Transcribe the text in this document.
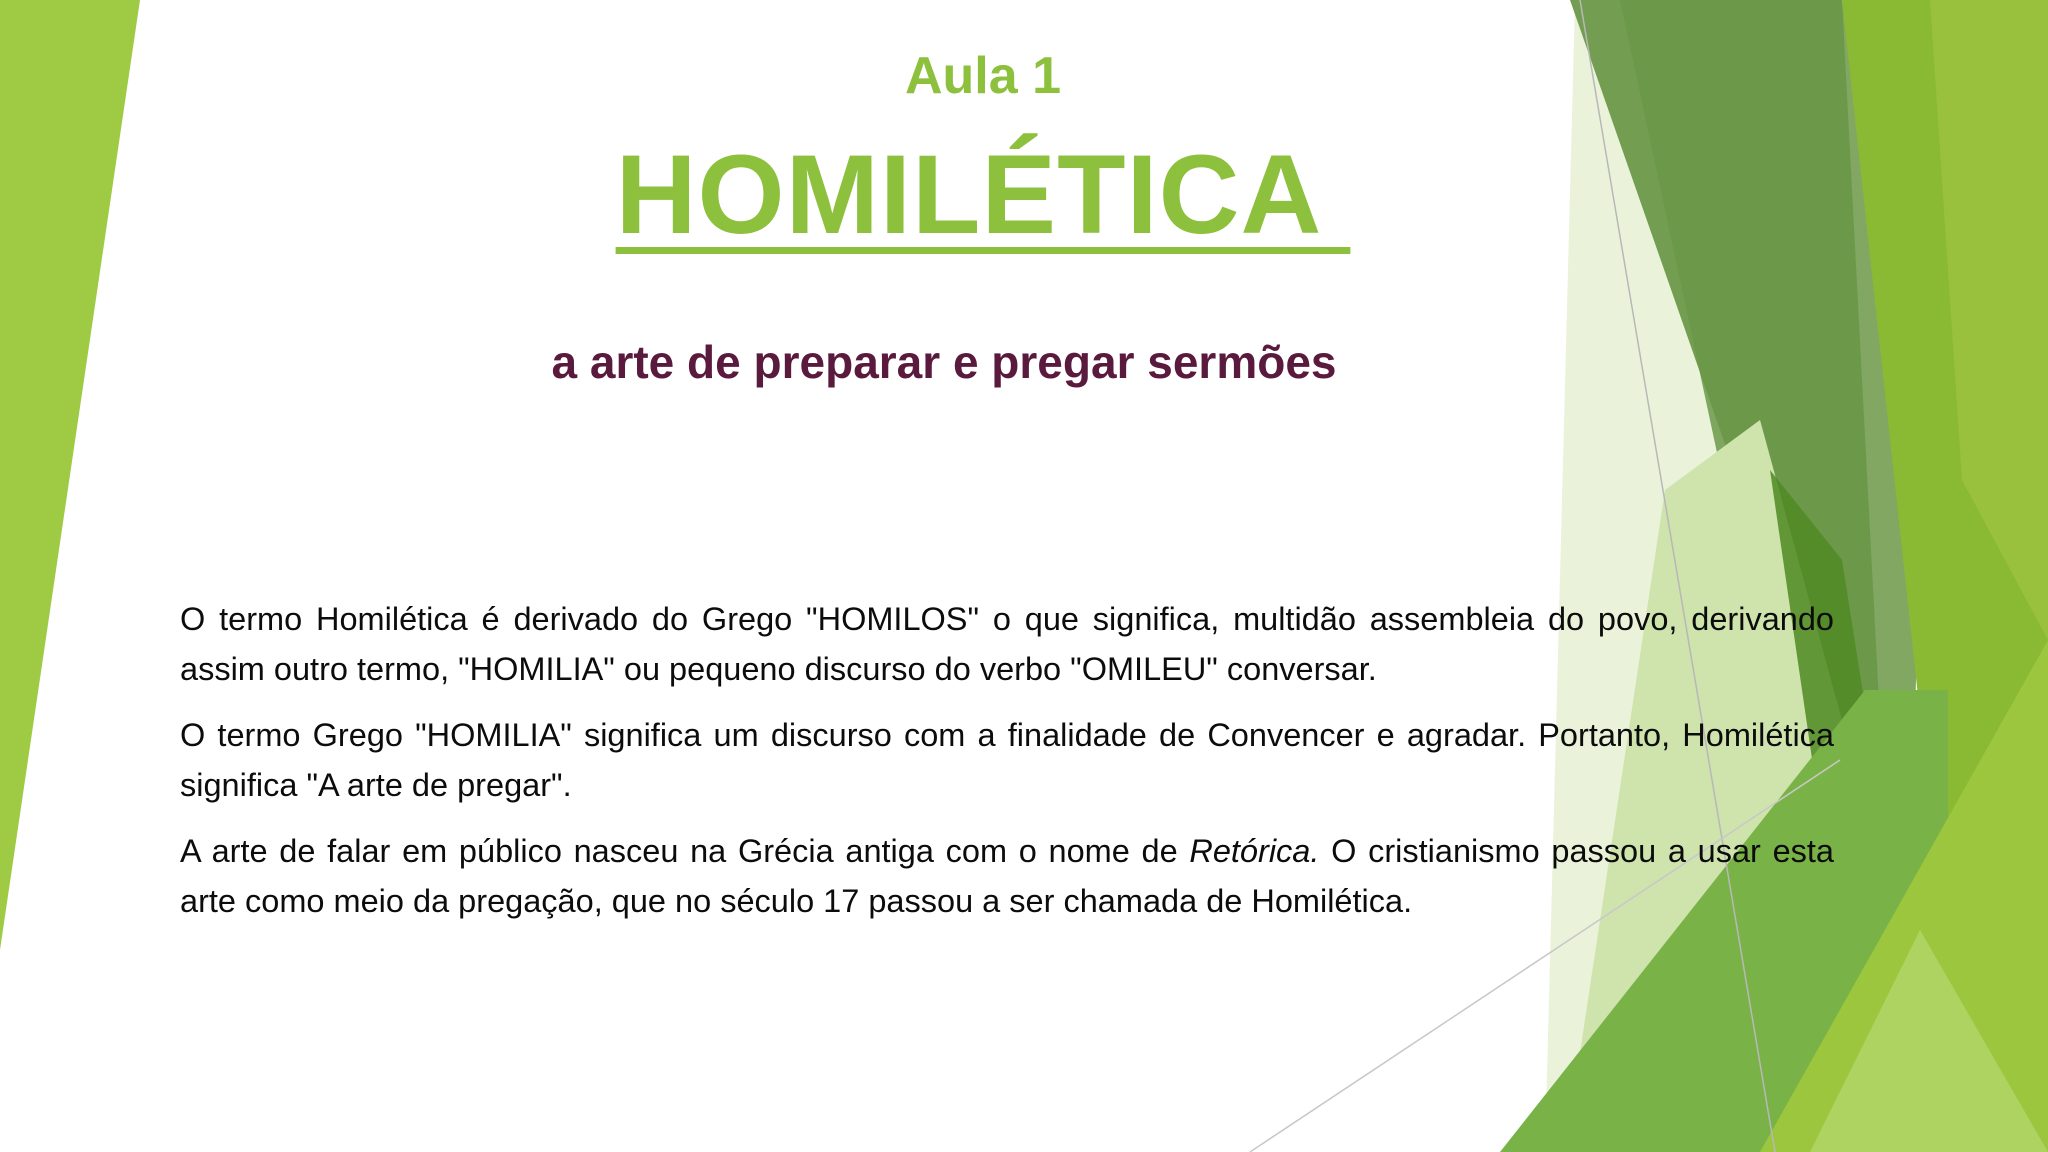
Aula 1
HOMILÉTICA
a arte de preparar e pregar sermões

O termo Homilética é derivado do Grego "HOMILOS" o que significa, multidão assembleia do povo, derivando assim outro termo, "HOMILIA" ou pequeno discurso do verbo "OMILEU" conversar.

O termo Grego "HOMILIA" significa um discurso com a finalidade de Convencer e agradar. Portanto, Homilética significa "A arte de pregar".

A arte de falar em público nasceu na Grécia antiga com o nome de Retórica. O cristianismo passou a usar esta arte como meio da pregação, que no século 17 passou a ser chamada de Homilética.
